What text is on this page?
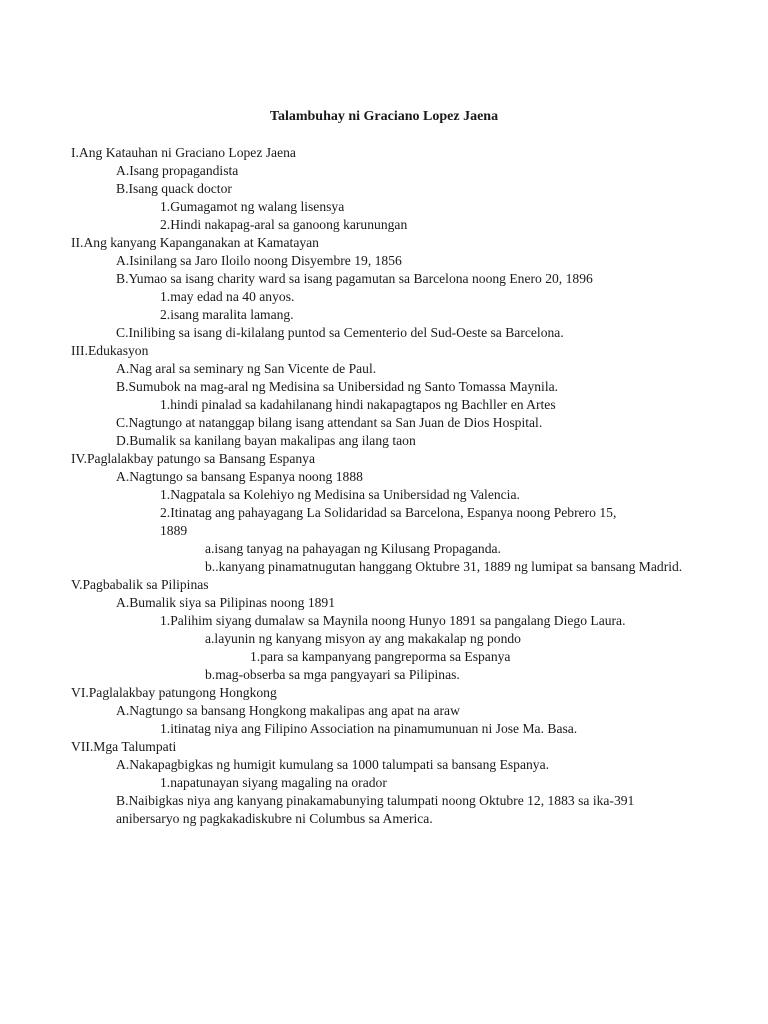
Talambuhay ni Graciano Lopez Jaena
I.Ang Katauhan ni Graciano Lopez Jaena
A.Isang propagandista
B.Isang quack doctor
1.Gumagamot ng walang lisensya
2.Hindi nakapag-aral sa ganoong karunungan
II.Ang kanyang Kapanganakan at Kamatayan
A.Isinilang sa Jaro Iloilo noong Disyembre 19, 1856
B.Yumao sa isang charity ward sa isang pagamutan sa Barcelona noong Enero 20, 1896
1.may edad na 40 anyos.
2.isang maralita lamang.
C.Inilibing sa isang di-kilalang puntod sa Cementerio del Sud-Oeste sa Barcelona.
III.Edukasyon
A.Nag aral sa seminary ng San Vicente de Paul.
B.Sumubok na mag-aral ng Medisina sa Unibersidad ng Santo Tomassa Maynila.
1.hindi pinalad sa kadahilanang hindi nakapagtapos ng Bachller en Artes
C.Nagtungo at natanggap bilang isang attendant sa San Juan de Dios Hospital.
D.Bumalik sa kanilang bayan makalipas ang ilang taon
IV.Paglalakbay patungo sa Bansang Espanya
A.Nagtungo sa bansang Espanya noong 1888
1.Nagpatala sa Kolehiyo ng Medisina sa Unibersidad ng Valencia.
2.Itinatag ang pahayagang La Solidaridad sa Barcelona, Espanya noong Pebrero 15, 1889
a.isang tanyag na pahayagan ng Kilusang Propaganda.
b..kanyang pinamatnugutan hanggang Oktubre 31, 1889 ng lumipat sa bansang Madrid.
V.Pagbabalik sa Pilipinas
A.Bumalik siya sa Pilipinas noong 1891
1.Palihim siyang dumalaw sa Maynila noong Hunyo 1891 sa pangalang Diego Laura.
a.layunin ng kanyang misyon ay ang makakalap ng pondo
1.para sa kampanyang pangreporma sa Espanya
b.mag-obserba sa mga pangyayari sa Pilipinas.
VI.Paglalakbay patungong Hongkong
A.Nagtungo sa bansang Hongkong makalipas ang apat na araw
1.itinatag niya ang Filipino Association na pinamumunuan ni Jose Ma. Basa.
VII.Mga Talumpati
A.Nakapagbigkas ng humigit kumulang sa 1000 talumpati sa bansang Espanya.
1.napatunayan siyang magaling na orador
B.Naibigkas niya ang kanyang pinakamabunying talumpati noong Oktubre 12, 1883 sa ika-391 anibersaryo ng pagkakadiskubre ni Columbus sa America.
